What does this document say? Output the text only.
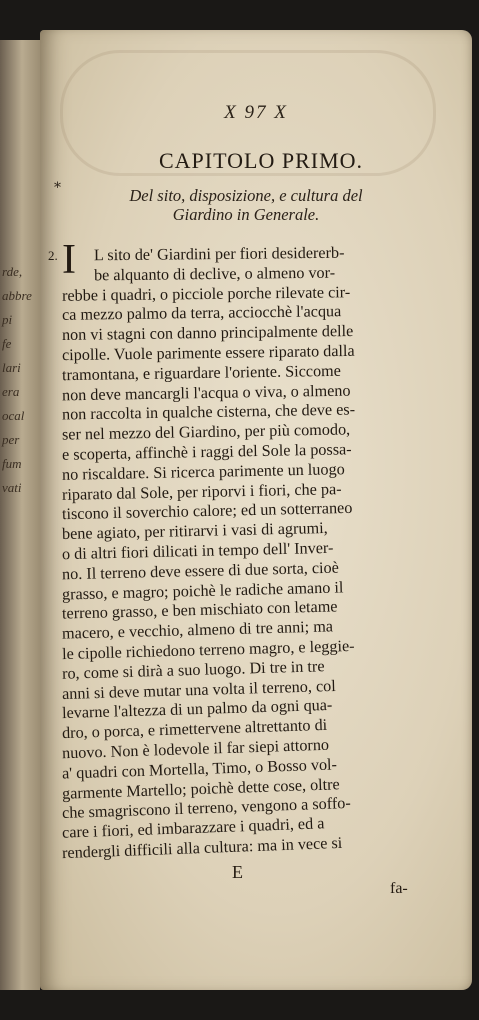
rde,
abbre
pi
fe
lari
era
ocal
per
fum
vati

X 97 X
CAPITOLO PRIMO.
*	Del sito, disposizione, e cultura del
Giardino in Generale.
2. I L sito de' Giardini per fiori desidererb-
be alquanto di declive, o almeno vor-
rebbe i quadri, o picciole porche rilevate cir-
ca mezzo palmo da terra, acciocchè l'acqua
non vi stagni con danno principalmente delle
cipolle. Vuole parimente essere riparato dalla
tramontana, e riguardare l'oriente. Siccome
non deve mancargli l'acqua o viva, o almeno
non raccolta in qualche cisterna, che deve es-
ser nel mezzo del Giardino, per più comodo,
e scoperta, affinchè i raggi del Sole la possa-
no riscaldare. Si ricerca parimente un luogo
riparato dal Sole, per riporvi i fiori, che pa-
tiscono il soverchio calore; ed un sotterraneo
bene agiato, per ritirarvi i vasi di agrumi,
o di altri fiori dilicati in tempo dell' Inver-
no. Il terreno deve essere di due sorta, cioè
grasso, e magro; poichè le radiche amano il
terreno grasso, e ben mischiato con letame
macero, e vecchio, almeno di tre anni; ma
le cipolle richiedono terreno magro, e leggie-
ro, come si dirà a suo luogo. Di tre in tre
anni si deve mutar una volta il terreno, col
levarne l'altezza di un palmo da ogni qua-
dro, o porca, e rimettervene altrettanto di
nuovo. Non è lodevole il far siepi attorno
a' quadri con Mortella, Timo, o Bosso vol-
garmente Martello; poichè dette cose, oltre
che smagriscono il terreno, vengono a soffo-
care i fiori, ed imbarazzare i quadri, ed a
rendergli difficili alla cultura: ma in vece si
E
fa-
